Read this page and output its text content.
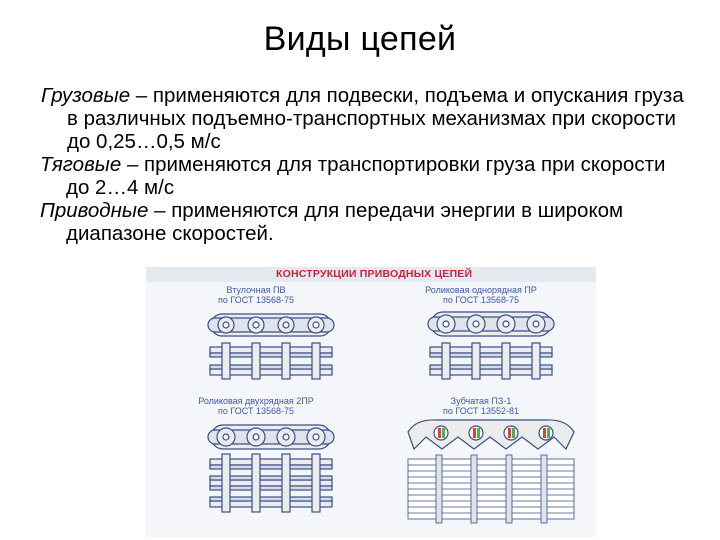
Виды цепей
Грузовые – применяются для подвески, подъема и опускания груза в различных подъемно-транспортных механизмах при скорости до 0,25…0,5 м/с
Тяговые – применяются для транспортировки груза при скорости до 2…4 м/с
Приводные – применяются для передачи энергии в широком диапазоне скоростей.
КОНСТРУКЦИИ ПРИВОДНЫХ ЦЕПЕЙ
Втулочная ПВ
по ГОСТ 13568-75
Роликовая однорядная ПР
по ГОСТ 13568-75
Роликовая двухрядная 2ПР
по ГОСТ 13568-75
Зубчатая ПЗ-1
по ГОСТ 13552-81
